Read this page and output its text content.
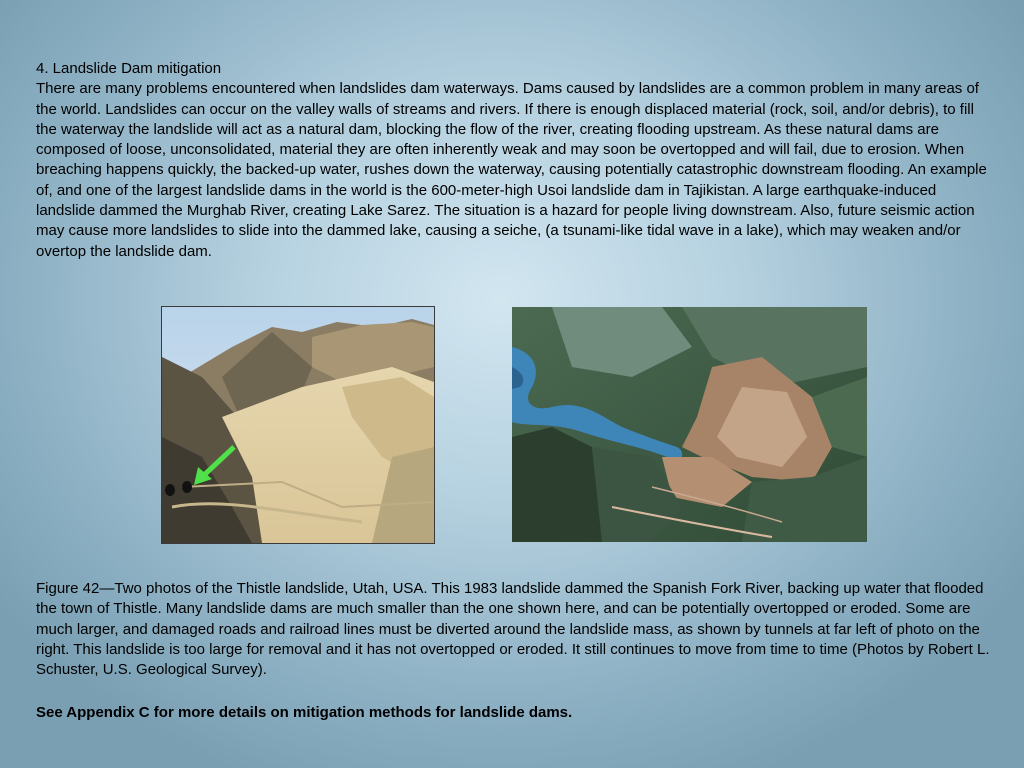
4. Landslide Dam mitigation
There are many problems encountered when landslides dam waterways. Dams caused by landslides are a common problem in many areas of the world. Landslides can occur on the valley walls of streams and rivers. If there is enough displaced material (rock, soil, and/or debris), to fill the waterway the landslide will act as a natural dam, blocking the flow of the river, creating flooding upstream. As these natural dams are composed of loose, unconsolidated, material they are often inherently weak and may soon be overtopped and will fail, due to erosion. When breaching happens quickly, the backed-up water, rushes down the waterway, causing potentially catastrophic downstream flooding. An example of, and one of the largest landslide dams in the world is the 600-meter-high Usoi landslide dam in Tajikistan. A large earthquake-induced landslide dammed the Murghab River, creating Lake Sarez. The situation is a hazard for people living downstream. Also, future seismic action may cause more landslides to slide into the dammed lake, causing a seiche, (a tsunami-like tidal wave in a lake), which may weaken and/or overtop the landslide dam.
Figure 42—Two photos of the Thistle landslide, Utah, USA. This 1983 landslide dammed the Spanish Fork River, backing up water that flooded the town of Thistle. Many landslide dams are much smaller than the one shown here, and can be potentially overtopped or eroded. Some are much larger, and damaged roads and railroad lines must be diverted around the landslide mass, as shown by tunnels at far left of photo on the right. This landslide is too large for removal and it has not overtopped or eroded. It still continues to move from time to time (Photos by Robert L. Schuster, U.S. Geological Survey).
See Appendix C for more details on mitigation methods for landslide dams.
